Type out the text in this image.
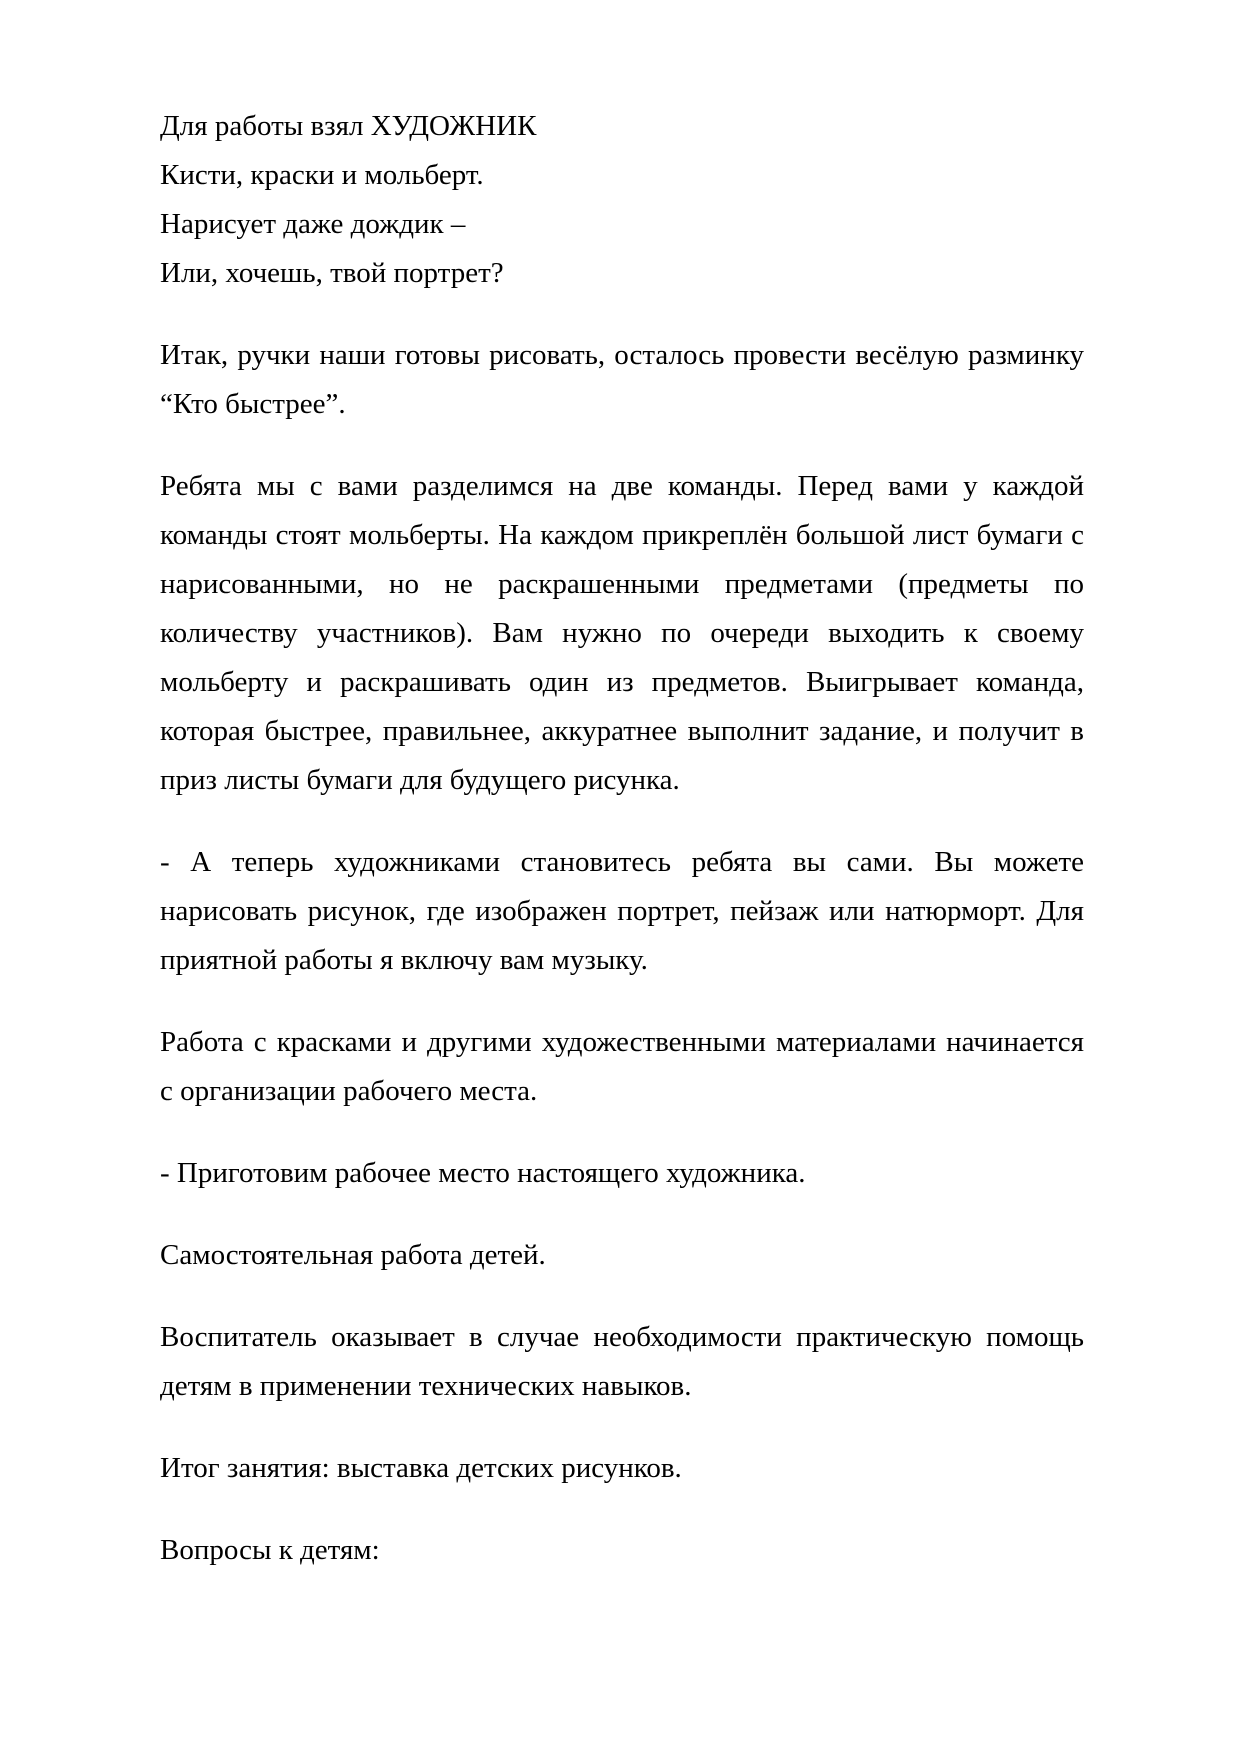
Для работы взял ХУДОЖНИК
Кисти, краски и мольберт.
Нарисует даже дождик –
Или, хочешь, твой портрет?

Итак, ручки наши готовы рисовать, осталось провести весёлую разминку “Кто быстрее”.

Ребята мы с вами разделимся на две команды. Перед вами у каждой команды стоят мольберты. На каждом прикреплён большой лист бумаги с нарисованными, но не раскрашенными предметами (предметы по количеству участников). Вам нужно по очереди выходить к своему мольберту и раскрашивать один из предметов. Выигрывает команда, которая быстрее, правильнее, аккуратнее выполнит задание, и получит в приз листы бумаги для будущего рисунка.

- А теперь художниками становитесь ребята вы сами. Вы можете нарисовать рисунок, где изображен портрет, пейзаж или натюрморт. Для приятной работы я включу вам музыку.

Работа с красками и другими художественными материалами начинается с организации рабочего места.

- Приготовим рабочее место настоящего художника.

Самостоятельная работа детей.

Воспитатель оказывает в случае необходимости практическую помощь детям в применении технических навыков.

Итог занятия: выставка детских рисунков.

Вопросы к детям:
